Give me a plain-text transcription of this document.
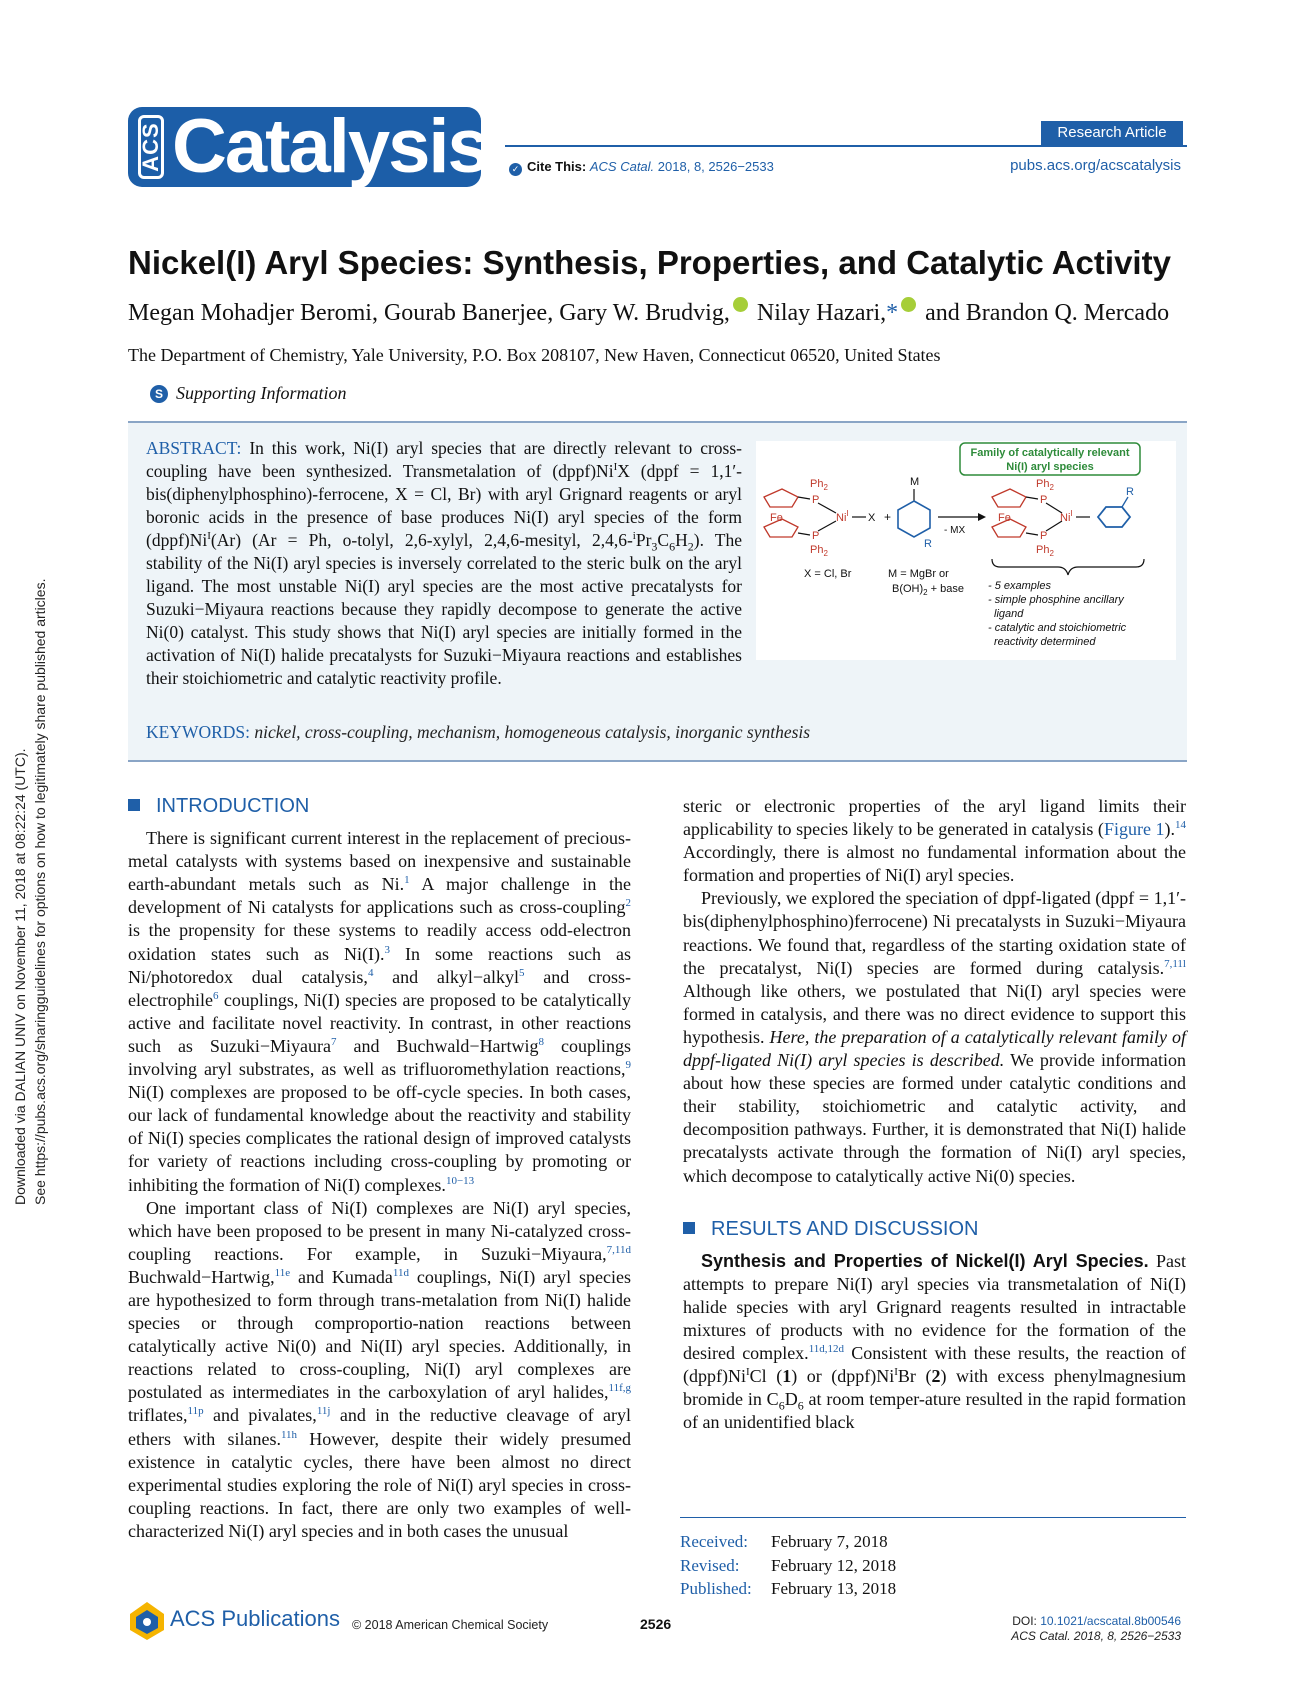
Downloaded via DALIAN UNIV on November 11, 2018 at 08:22:24 (UTC). See https://pubs.acs.org/sharingguidelines for options on how to legitimately share published articles.
ACS Catalysis	Research Article
✓ Cite This: ACS Catal. 2018, 8, 2526−2533	pubs.acs.org/acscatalysis
Nickel(I) Aryl Species: Synthesis, Properties, and Catalytic Activity
Megan Mohadjer Beromi, Gourab Banerjee, Gary W. Brudvig, Nilay Hazari,* and Brandon Q. Mercado
The Department of Chemistry, Yale University, P.O. Box 208107, New Haven, Connecticut 06520, United States
S Supporting Information
Family of catalytically relevant
Ni(I) aryl species
Fe
P
$Ph_2$
P
$Ph_2$
$Ni^I$ X +
M
R
- MX
Fe
P
$Ph_2$
P
$Ph_2$
$Ni^I$
R
X = Cl, Br	M = MgBr or
$B(OH)_2$ + base - 5 examples
- simple phosphine ancillary
ligand
- catalytic and stoichiometric
reactivity determined
ABSTRACT: In this work, Ni(I) aryl species that are directly relevant to cross-coupling have been synthesized. Transmetalation of $(dppf)Ni^IX$ (dppf = 1,1′-bis(diphenylphosphino)-ferrocene, X = Cl, Br) with aryl Grignard reagents or aryl boronic acids in the presence of base produces Ni(I) aryl species of the form $(dppf)Ni^I(Ar) (Ar = Ph$, o-tolyl, 2,6-xylyl, 2,4,6-mesityl, $2,4,6-^iPr_3C_6H_2$). The stability of the Ni(I) aryl species is inversely correlated to the steric bulk on the aryl ligand. The most unstable Ni(I) aryl species are the most active precatalysts for Suzuki−Miyaura reactions because they rapidly decompose to generate the active Ni(0) catalyst. This study shows that Ni(I) aryl species are initially formed in the activation of Ni(I) halide precatalysts for Suzuki−Miyaura reactions and establishes their stoichiometric and catalytic reactivity profile.
KEYWORDS: nickel, cross-coupling, mechanism, homogeneous catalysis, inorganic synthesis
INTRODUCTION

There is significant current interest in the replacement of precious-metal catalysts with systems based on inexpensive and sustainable earth-abundant metals such as Ni.$^1$ A major challenge in the development of Ni catalysts for applications such as cross-coupling$^2$ is the propensity for these systems to readily access odd-electron oxidation states such as Ni(I).$^3$ In some reactions such as Ni/photoredox dual catalysis,$^4$ and alkyl−alkyl$^5$ and cross-electrophile$^6$ couplings, Ni(I) species are proposed to be catalytically active and facilitate novel reactivity. In contrast, in other reactions such as Suzuki−Miyaura$^7$ and Buchwald−Hartwig$^8$ couplings involving aryl substrates, as well as trifluoromethylation reactions,$^9$ Ni(I) complexes are proposed to be off-cycle species. In both cases, our lack of fundamental knowledge about the reactivity and stability of Ni(I) species complicates the rational design of improved catalysts for variety of reactions including cross-coupling by promoting or inhibiting the formation of Ni(I) complexes.$^{10-13}$

One important class of Ni(I) complexes are Ni(I) aryl species, which have been proposed to be present in many Ni-catalyzed cross-coupling reactions. For example, in Suzuki−Miyaura,$^{7,11d}$ Buchwald−Hartwig,$^{11e}$ and Kumada$^{11d}$ couplings, Ni(I) aryl species are hypothesized to form through trans-metalation from Ni(I) halide species or through comproportio-nation reactions between catalytically active Ni(0) and Ni(II) aryl species. Additionally, in reactions related to cross-coupling, Ni(I) aryl complexes are postulated as intermediates in the carboxylation of aryl halides,$^{11f,g}$ triflates,$^{11p}$ and pivalates,$^{11j}$ and in the reductive cleavage of aryl ethers with silanes.$^{11h}$ However, despite their widely presumed existence in catalytic cycles, there have been almost no direct experimental studies exploring the role of Ni(I) aryl species in cross-coupling reactions. In fact, there are only two examples of well-characterized Ni(I) aryl species and in both cases the unusual

steric or electronic properties of the aryl ligand limits their applicability to species likely to be generated in catalysis (Figure 1).$^{14}$ Accordingly, there is almost no fundamental information about the formation and properties of Ni(I) aryl species.

Previously, we explored the speciation of dppf-ligated (dppf = 1,1′-bis(diphenylphosphino)ferrocene) Ni precatalysts in Suzuki−Miyaura reactions. We found that, regardless of the starting oxidation state of the precatalyst, Ni(I) species are formed during catalysis.$^{7,11l}$ Although like others, we postulated that Ni(I) aryl species were formed in catalysis, and there was no direct evidence to support this hypothesis. Here, the preparation of a catalytically relevant family of dppf-ligated Ni(I) aryl species is described. We provide information about how these species are formed under catalytic conditions and their stability, stoichiometric and catalytic activity, and decomposition pathways. Further, it is demonstrated that Ni(I) halide precatalysts activate through the formation of Ni(I) aryl species, which decompose to catalytically active Ni(0) species.

RESULTS AND DISCUSSION

Synthesis and Properties of Nickel(I) Aryl Species. Past attempts to prepare Ni(I) aryl species via transmetalation of Ni(I) halide species with aryl Grignard reagents resulted in intractable mixtures of products with no evidence for the formation of the desired complex.$^{11d,12d}$ Consistent with these results, the reaction of $(dppf)Ni^ICl$ (1) or $(dppf)Ni^IBr$ (2) with excess phenylmagnesium bromide in $C_6D_6$ at room temper-ature resulted in the rapid formation of an unidentified black

Received: February 7, 2018
Revised: February 12, 2018
Published: February 13, 2018
ACS Publications © 2018 American Chemical Society	2526	DOI: 10.1021/acscatal.8b00546
ACS Catal. 2018, 8, 2526−2533
